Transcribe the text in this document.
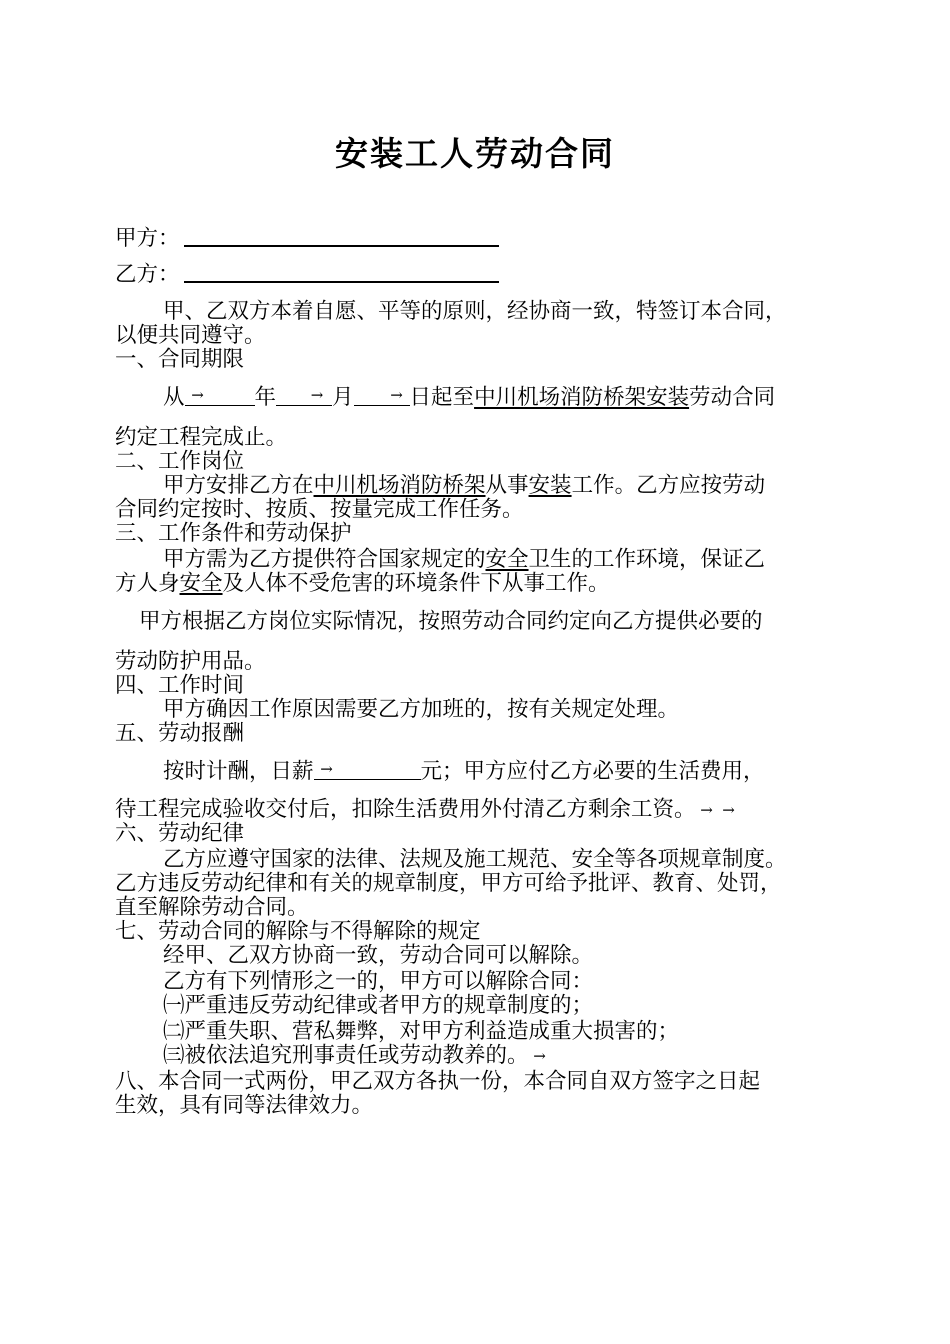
安装工人劳动合同
甲方：
乙方：
甲、乙双方本着自愿、平等的原则，经协商一致，特签订本合同，
以便共同遵守。
一、合同期限
从 → 年	→ 月	→ 日起至中川机场消防桥架安装劳动合同
约定工程完成止。
二、工作岗位
甲方安排乙方在中川机场消防桥架从事安装工作。乙方应按劳动
合同约定按时、按质、按量完成工作任务。
三、工作条件和劳动保护
甲方需为乙方提供符合国家规定的安全卫生的工作环境，保证乙
方人身安全及人体不受危害的环境条件下从事工作。
甲方根据乙方岗位实际情况，按照劳动合同约定向乙方提供必要的
劳动防护用品。
四、工作时间
甲方确因工作原因需要乙方加班的，按有关规定处理。
五、劳动报酬
按时计酬，日薪 →	元；甲方应付乙方必要的生活费用，
待工程完成验收交付后，扣除生活费用外付清乙方剩余工资。 → →
六、劳动纪律
乙方应遵守国家的法律、法规及施工规范、安全等各项规章制度。
乙方违反劳动纪律和有关的规章制度，甲方可给予批评、教育、处罚，
直至解除劳动合同。
七、劳动合同的解除与不得解除的规定
经甲、乙双方协商一致，劳动合同可以解除。
乙方有下列情形之一的，甲方可以解除合同：
㈠严重违反劳动纪律或者甲方的规章制度的；
㈡严重失职、营私舞弊，对甲方利益造成重大损害的；
㈢被依法追究刑事责任或劳动教养的。 →
八、本合同一式两份，甲乙双方各执一份，本合同自双方签字之日起
生效，具有同等法律效力。
